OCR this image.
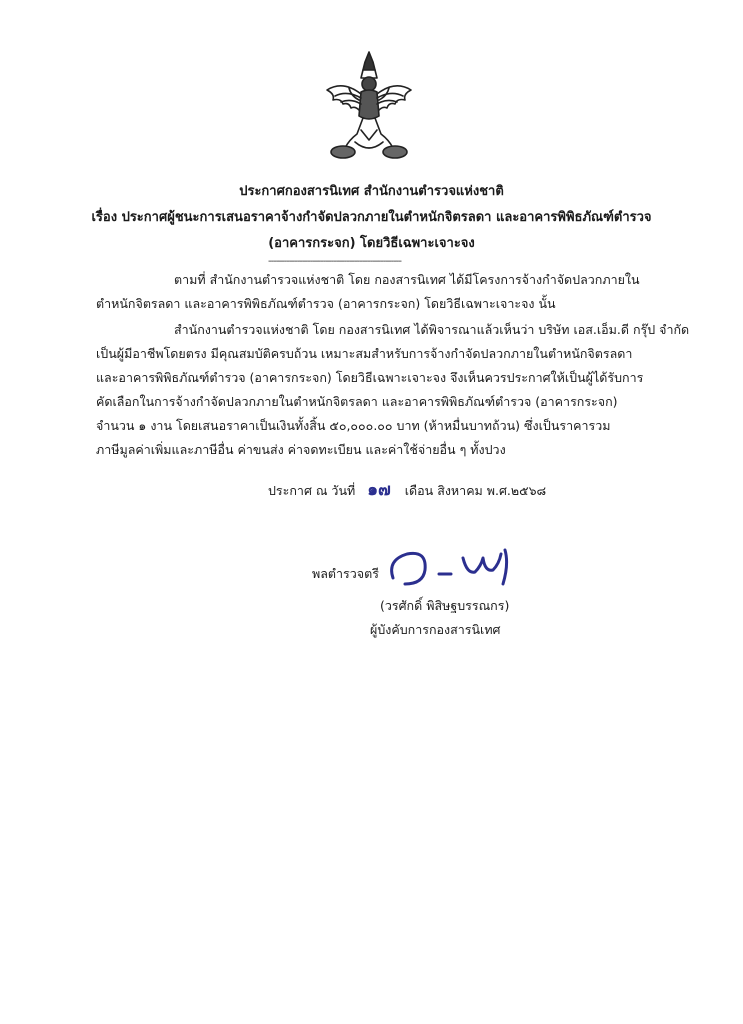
ประกาศกองสารนิเทศ สำนักงานตำรวจแห่งชาติ
เรื่อง ประกาศผู้ชนะการเสนอราคาจ้างกำจัดปลวกภายในตำหนักจิตรลดา และอาคารพิพิธภัณฑ์ตำรวจ
(อาคารกระจก) โดยวิธีเฉพาะเจาะจง
---------------------------------------------------
ตามที่ สำนักงานตำรวจแห่งชาติ โดย กองสารนิเทศ ได้มีโครงการจ้างกำจัดปลวกภายใน
ตำหนักจิตรลดา และอาคารพิพิธภัณฑ์ตำรวจ (อาคารกระจก) โดยวิธีเฉพาะเจาะจง นั้น
สำนักงานตำรวจแห่งชาติ โดย กองสารนิเทศ ได้พิจารณาแล้วเห็นว่า บริษัท เอส.เอ็ม.ดี กรุ๊ป จำกัด
เป็นผู้มีอาชีพโดยตรง มีคุณสมบัติครบถ้วน เหมาะสมสำหรับการจ้างกำจัดปลวกภายในตำหนักจิตรลดา
และอาคารพิพิธภัณฑ์ตำรวจ (อาคารกระจก) โดยวิธีเฉพาะเจาะจง จึงเห็นควรประกาศให้เป็นผู้ได้รับการ
คัดเลือกในการจ้างกำจัดปลวกภายในตำหนักจิตรลดา และอาคารพิพิธภัณฑ์ตำรวจ (อาคารกระจก)
จำนวน ๑ งาน โดยเสนอราคาเป็นเงินทั้งสิ้น ๕๐,๐๐๐.๐๐ บาท (ห้าหมื่นบาทถ้วน) ซึ่งเป็นราคารวม
ภาษีมูลค่าเพิ่มและภาษีอื่น ค่าขนส่ง ค่าจดทะเบียน และค่าใช้จ่ายอื่น ๆ ทั้งปวง
ประกาศ ณ วันที่ ๑๗ เดือน สิงหาคม พ.ศ.๒๕๖๘
พลตำรวจตรี
(วรศักดิ์ พิสิษฐบรรณกร)
ผู้บังคับการกองสารนิเทศ
